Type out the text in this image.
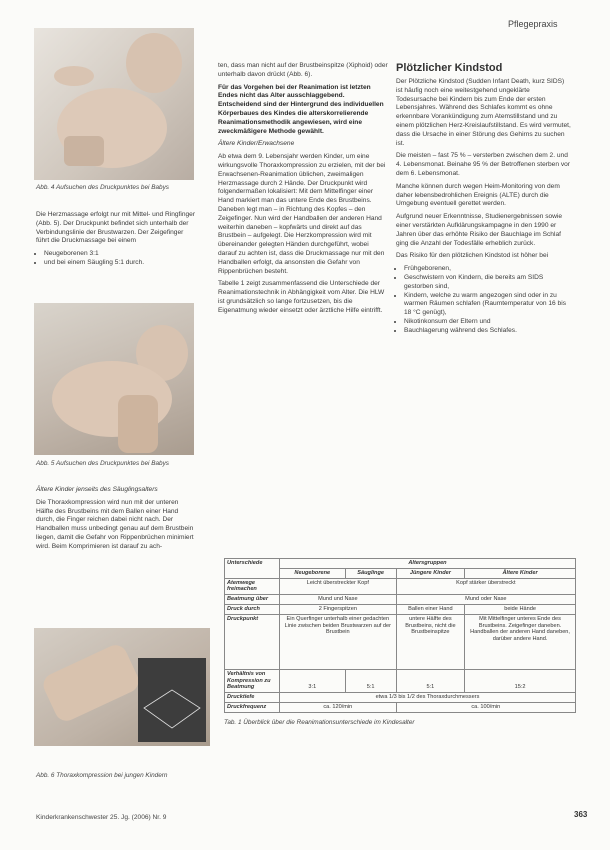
Pflegepraxis
Abb. 4 Aufsuchen des Druckpunktes bei Babys

Die Herzmassage erfolgt nur mit Mittel- und Ringfinger (Abb. 5). Der Druckpunkt befindet sich unterhalb der Verbindungslinie der Brustwarzen. Der Zeigefinger führt die Druckmassage bei einem

• Neugeborenen 3:1
• und bei einem Säugling 5:1 durch.
Abb. 5 Aufsuchen des Druckpunktes bei Babys

Ältere Kinder jenseits des Säuglingsalters

Die Thoraxkompression wird nun mit der unteren Hälfte des Brustbeins mit dem Ballen einer Hand durch, die Finger reichen dabei nicht nach. Der Handballen muss unbedingt genau auf dem Brustbein liegen, damit die Gefahr von Rippenbrüchen minimiert wird. Beim Komprimieren ist darauf zu ach-

Abb. 6 Thoraxkompression bei jungen Kindern

ten, dass man nicht auf der Brustbeinspitze (Xiphoid) oder unterhalb davon drückt (Abb. 6).

Für das Vorgehen bei der Reanimation ist letzten Endes nicht das Alter ausschlaggebend. Entscheidend sind der Hintergrund des individuellen Körperbaues des Kindes die alterskorrelierende Reanimationsmethodik angewiesen, wird eine zweckmäßigere Methode gewählt.

Ältere Kinder/Erwachsene

Ab etwa dem 9. Lebensjahr werden Kinder, um eine wirkungsvolle Thoraxkompression zu erzielen, mit der bei Erwachsenen-Reanimation üblichen, zweimaligen Herzmassage durch 2 Hände. Der Druckpunkt wird folgendermaßen lokalisiert: Mit dem Mittelfinger einer Hand markiert man das untere Ende des Brustbeins. Daneben legt man – in Richtung des Kopfes – den Zeigefinger. Nun wird der Handballen der anderen Hand weiterhin daneben – kopfwärts und direkt auf das Brustbein – aufgelegt. Die Herzkompression wird mit übereinander gelegten Händen durchgeführt, wobei darauf zu achten ist, dass die Druckmassage nur mit den Handballen erfolgt, da ansonsten die Gefahr von Rippenbrüchen besteht.

Tabelle 1 zeigt zusammenfassend die Unterschiede der Reanimationstechnik in Abhängigkeit vom Alter. Die HLW ist grundsätzlich so lange fortzusetzen, bis die Eigenatmung wieder einsetzt oder ärztliche Hilfe eintrifft.

Plötzlicher Kindstod

Der Plötzliche Kindstod (Sudden Infant Death, kurz SIDS) ist häufig noch eine weitestgehend ungeklärte Todesursache bei Kindern bis zum Ende der ersten Lebensjahres. Während des Schlafes kommt es ohne erkennbare Vorankündigung zum Atemstillstand und zu einem plötzlichen Herz-Kreislaufstillstand. Es wird vermutet, dass die Ursache in einer Störung des Gehirns zu suchen ist.

Die meisten – fast 75 % – versterben zwischen dem 2. und 4. Lebensmonat. Beinahe 95 % der Betroffenen sterben vor dem 6. Lebensmonat.

Manche können durch wegen Heim-Monitoring von dem daher lebensbedrohlichen Ereignis (ALTE) durch die Umgebung eventuell gerettet werden.

Aufgrund neuer Erkenntnisse, Studienergebnissen sowie einer verstärkten Aufklärungskampagne in den 1990 er Jahren über das erhöhte Risiko der Bauchlage im Schlaf ging die Anzahl der Todesfälle erheblich zurück.

Das Risiko für den plötzlichen Kindstod ist höher bei

• Frühgeborenen,
• Geschwistern von Kindern, die bereits am SIDS gestorben sind,
• Kindern, welche zu warm angezogen sind oder in zu warmen Räumen schlafen (Raumtemperatur von 16 bis 18 °C genügt),
• Nikotinkonsum der Eltern und
• Bauchlagerung während des Schlafes.
Unterschiede	Altersgruppen			
	Neugeborene	Säuglinge	Jüngere Kinder	Ältere Kinder
Atemwege freimachen	Leicht überstreckter Kopf		Kopf stärker überstreckt	
Beatmung über	Mund und Nase		Mund oder Nase	
Druck durch	2 Fingerspitzen		Ballen einer Hand	beide Hände
Druckpunkt	Ein Querfinger unterhalb einer gedachten Linie zwischen beiden Brustwarzen auf der Brustbein		untere Hälfte des Brustbeins, nicht die Brustbeinspitze	Mit Mittelfinger unteres Ende des Brustbeins. Zeigefinger daneben. Handballen der anderen Hand daneben, darüber andere Hand.
Verhältnis von Kompression zu Beatmung	3:1	5:1	5:1	15:2
Drucktiefe	etwa 1/3 bis 1/2 des Thoraxdurchmessers			
Druckfrequenz	ca. 120/min		ca. 100/min	
Tab. 1 Überblick über die Reanimationsunterschiede im Kindesalter
Kinderkrankenschwester 25. Jg. (2006) Nr. 9	363
